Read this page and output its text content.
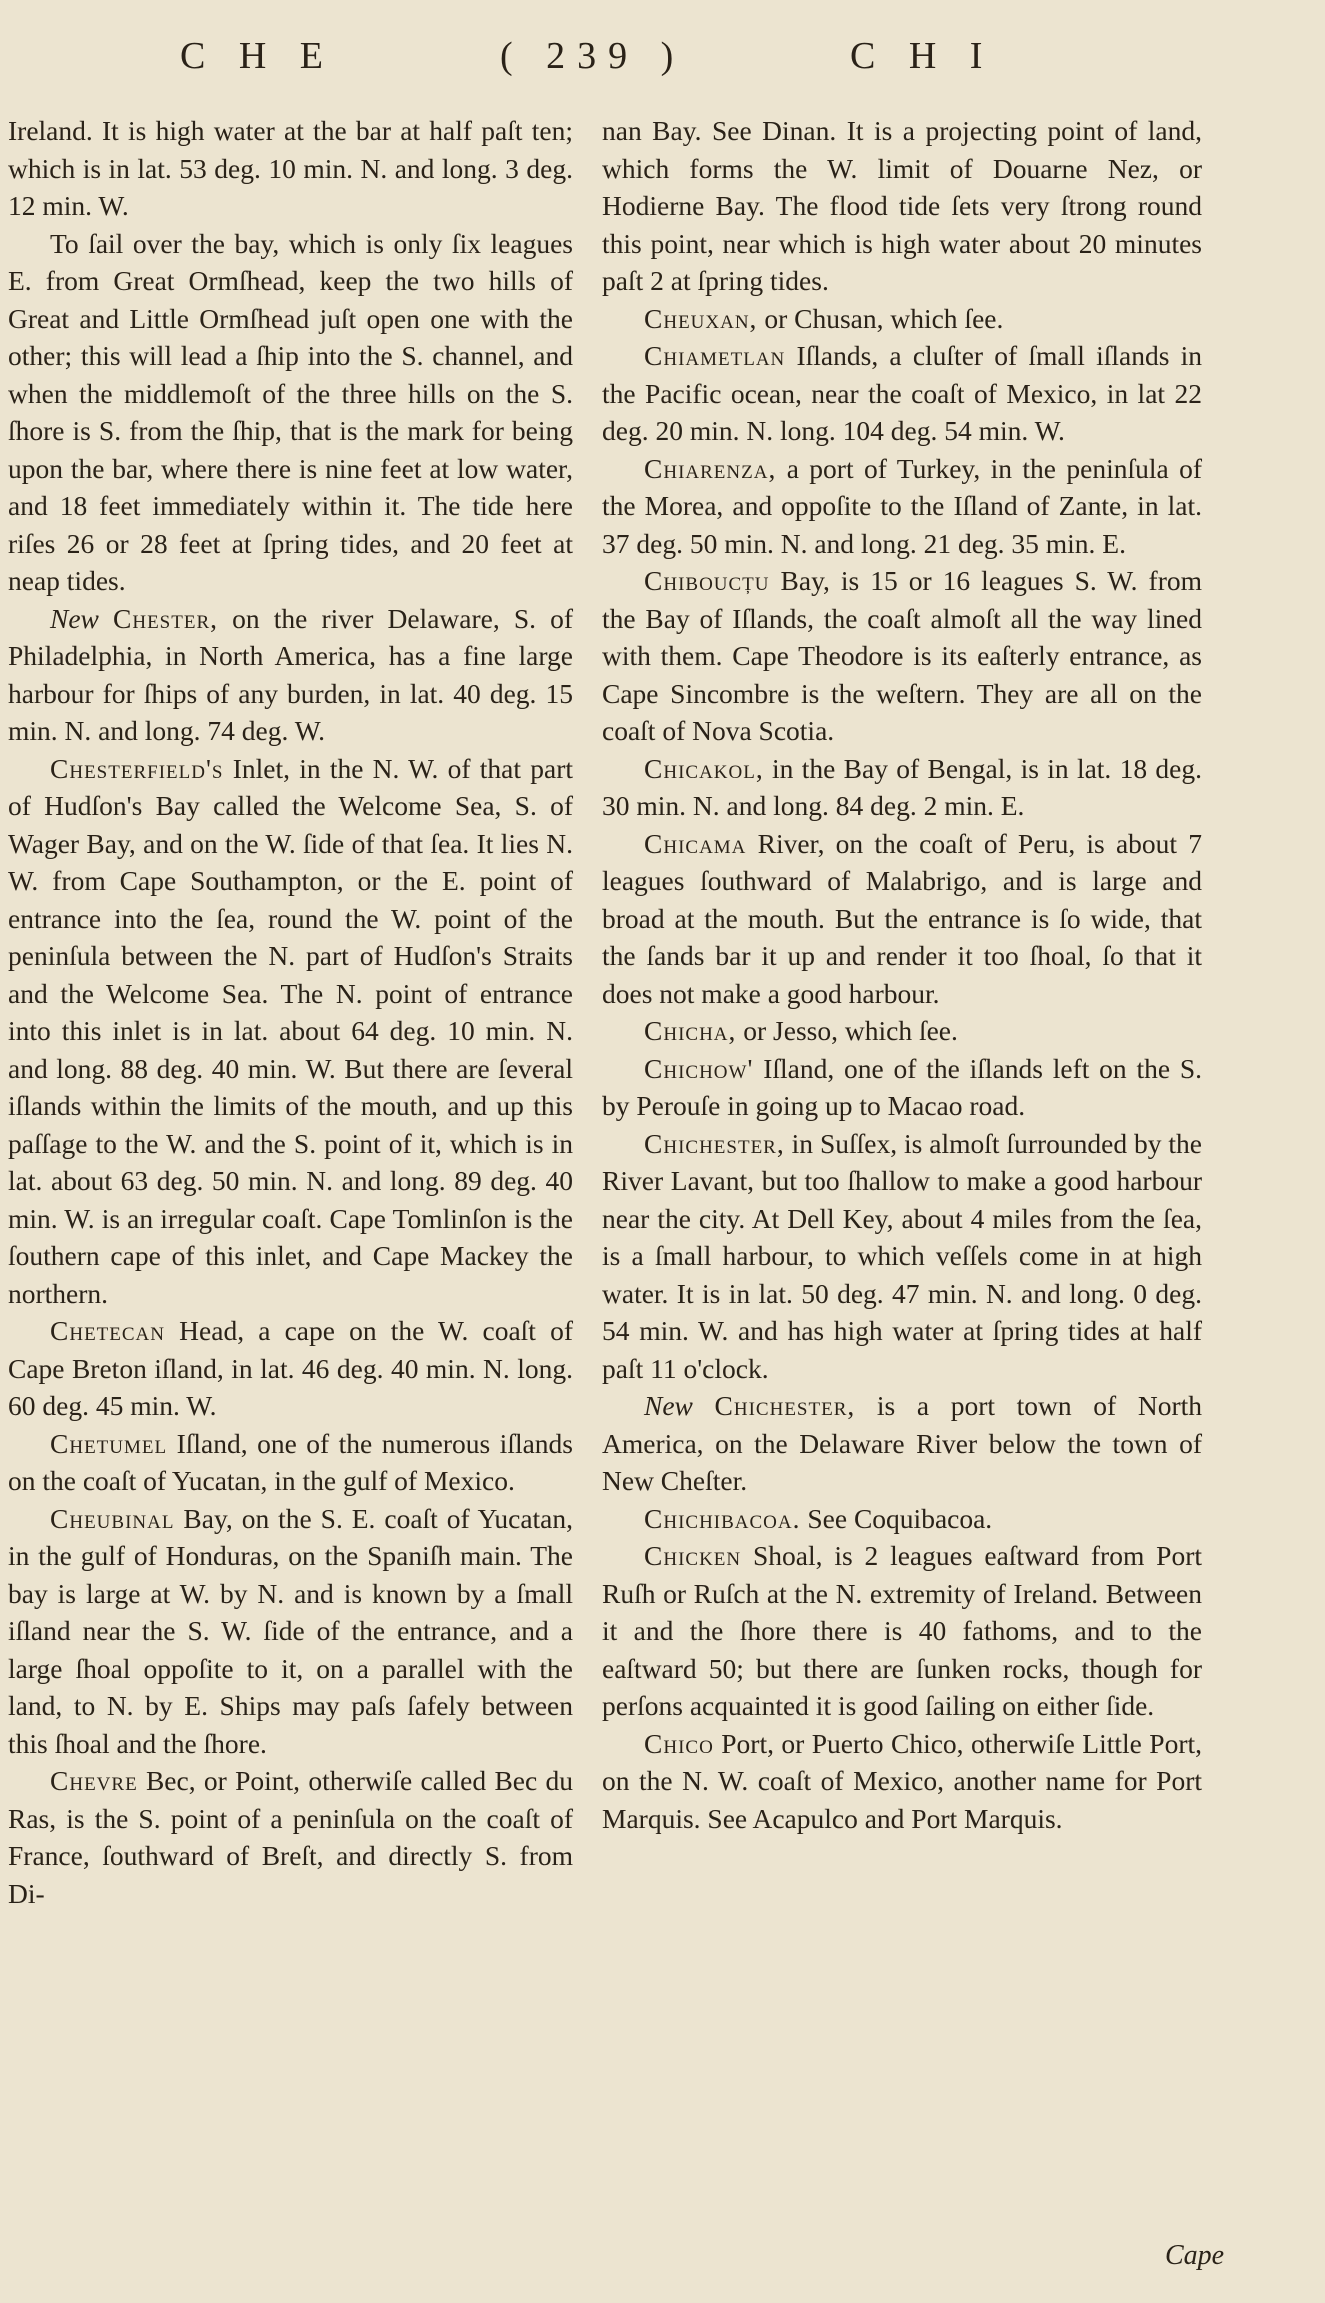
C H E	( 239 )	C H I

Ireland. It is high water at the bar at half paſt ten; which is in lat. 53 deg. 10 min. N. and long. 3 deg. 12 min. W.

To ſail over the bay, which is only ſix leagues E. from Great Ormſhead, keep the two hills of Great and Little Ormſhead juſt open one with the other; this will lead a ſhip into the S. channel, and when the middlemoſt of the three hills on the S. ſhore is S. from the ſhip, that is the mark for being upon the bar, where there is nine feet at low water, and 18 feet immediately within it. The tide here riſes 26 or 28 feet at ſpring tides, and 20 feet at neap tides.

New Chester, on the river Delaware, S. of Philadelphia, in North America, has a fine large harbour for ſhips of any burden, in lat. 40 deg. 15 min. N. and long. 74 deg. W.

Chesterfield's Inlet, in the N. W. of that part of Hudſon's Bay called the Welcome Sea, S. of Wager Bay, and on the W. ſide of that ſea. It lies N. W. from Cape Southampton, or the E. point of entrance into the ſea, round the W. point of the peninſula between the N. part of Hudſon's Straits and the Welcome Sea. The N. point of entrance into this inlet is in lat. about 64 deg. 10 min. N. and long. 88 deg. 40 min. W. But there are ſeveral iſlands within the limits of the mouth, and up this paſſage to the W. and the S. point of it, which is in lat. about 63 deg. 50 min. N. and long. 89 deg. 40 min. W. is an irregular coaſt. Cape Tomlinſon is the ſouthern cape of this inlet, and Cape Mackey the northern.

Chetecan Head, a cape on the W. coaſt of Cape Breton iſland, in lat. 46 deg. 40 min. N. long. 60 deg. 45 min. W.

Chetumel Iſland, one of the numerous iſlands on the coaſt of Yucatan, in the gulf of Mexico.

Cheubinal Bay, on the S. E. coaſt of Yucatan, in the gulf of Honduras, on the Spaniſh main. The bay is large at W. by N. and is known by a ſmall iſland near the S. W. ſide of the entrance, and a large ſhoal oppoſite to it, on a parallel with the land, to N. by E. Ships may paſs ſafely between this ſhoal and the ſhore.

Chevre Bec, or Point, otherwiſe called Bec du Ras, is the S. point of a peninſula on the coaſt of France, ſouthward of Breſt, and directly S. from Di-

nan Bay. See Dinan. It is a projecting point of land, which forms the W. limit of Douarne Nez, or Hodierne Bay. The flood tide ſets very ſtrong round this point, near which is high water about 20 minutes paſt 2 at ſpring tides.

Cheuxan, or Chusan, which ſee.

Chiametlan Iſlands, a cluſter of ſmall iſlands in the Pacific ocean, near the coaſt of Mexico, in lat 22 deg. 20 min. N. long. 104 deg. 54 min. W.

Chiarenza, a port of Turkey, in the peninſula of the Morea, and oppoſite to the Iſland of Zante, in lat. 37 deg. 50 min. N. and long. 21 deg. 35 min. E.

Chiboucțu Bay, is 15 or 16 leagues S. W. from the Bay of Iſlands, the coaſt almoſt all the way lined with them. Cape Theodore is its eaſterly entrance, as Cape Sincombre is the weſtern. They are all on the coaſt of Nova Scotia.

Chicakol, in the Bay of Bengal, is in lat. 18 deg. 30 min. N. and long. 84 deg. 2 min. E.

Chicama River, on the coaſt of Peru, is about 7 leagues ſouthward of Malabrigo, and is large and broad at the mouth. But the entrance is ſo wide, that the ſands bar it up and render it too ſhoal, ſo that it does not make a good harbour.

Chicha, or Jesso, which ſee.

Chichow' Iſland, one of the iſlands left on the S. by Perouſe in going up to Macao road.

Chichester, in Suſſex, is almoſt ſurrounded by the River Lavant, but too ſhallow to make a good harbour near the city. At Dell Key, about 4 miles from the ſea, is a ſmall harbour, to which veſſels come in at high water. It is in lat. 50 deg. 47 min. N. and long. 0 deg. 54 min. W. and has high water at ſpring tides at half paſt 11 o'clock.

New Chichester, is a port town of North America, on the Delaware River below the town of New Cheſter.

Chichibacoa. See Coquibacoa.

Chicken Shoal, is 2 leagues eaſtward from Port Ruſh or Ruſch at the N. extremity of Ireland. Between it and the ſhore there is 40 fathoms, and to the eaſtward 50; but there are ſunken rocks, though for perſons acquainted it is good ſailing on either ſide.

Chico Port, or Puerto Chico, otherwiſe Little Port, on the N. W. coaſt of Mexico, another name for Port Marquis. See Acapulco and Port Marquis.

Cape
